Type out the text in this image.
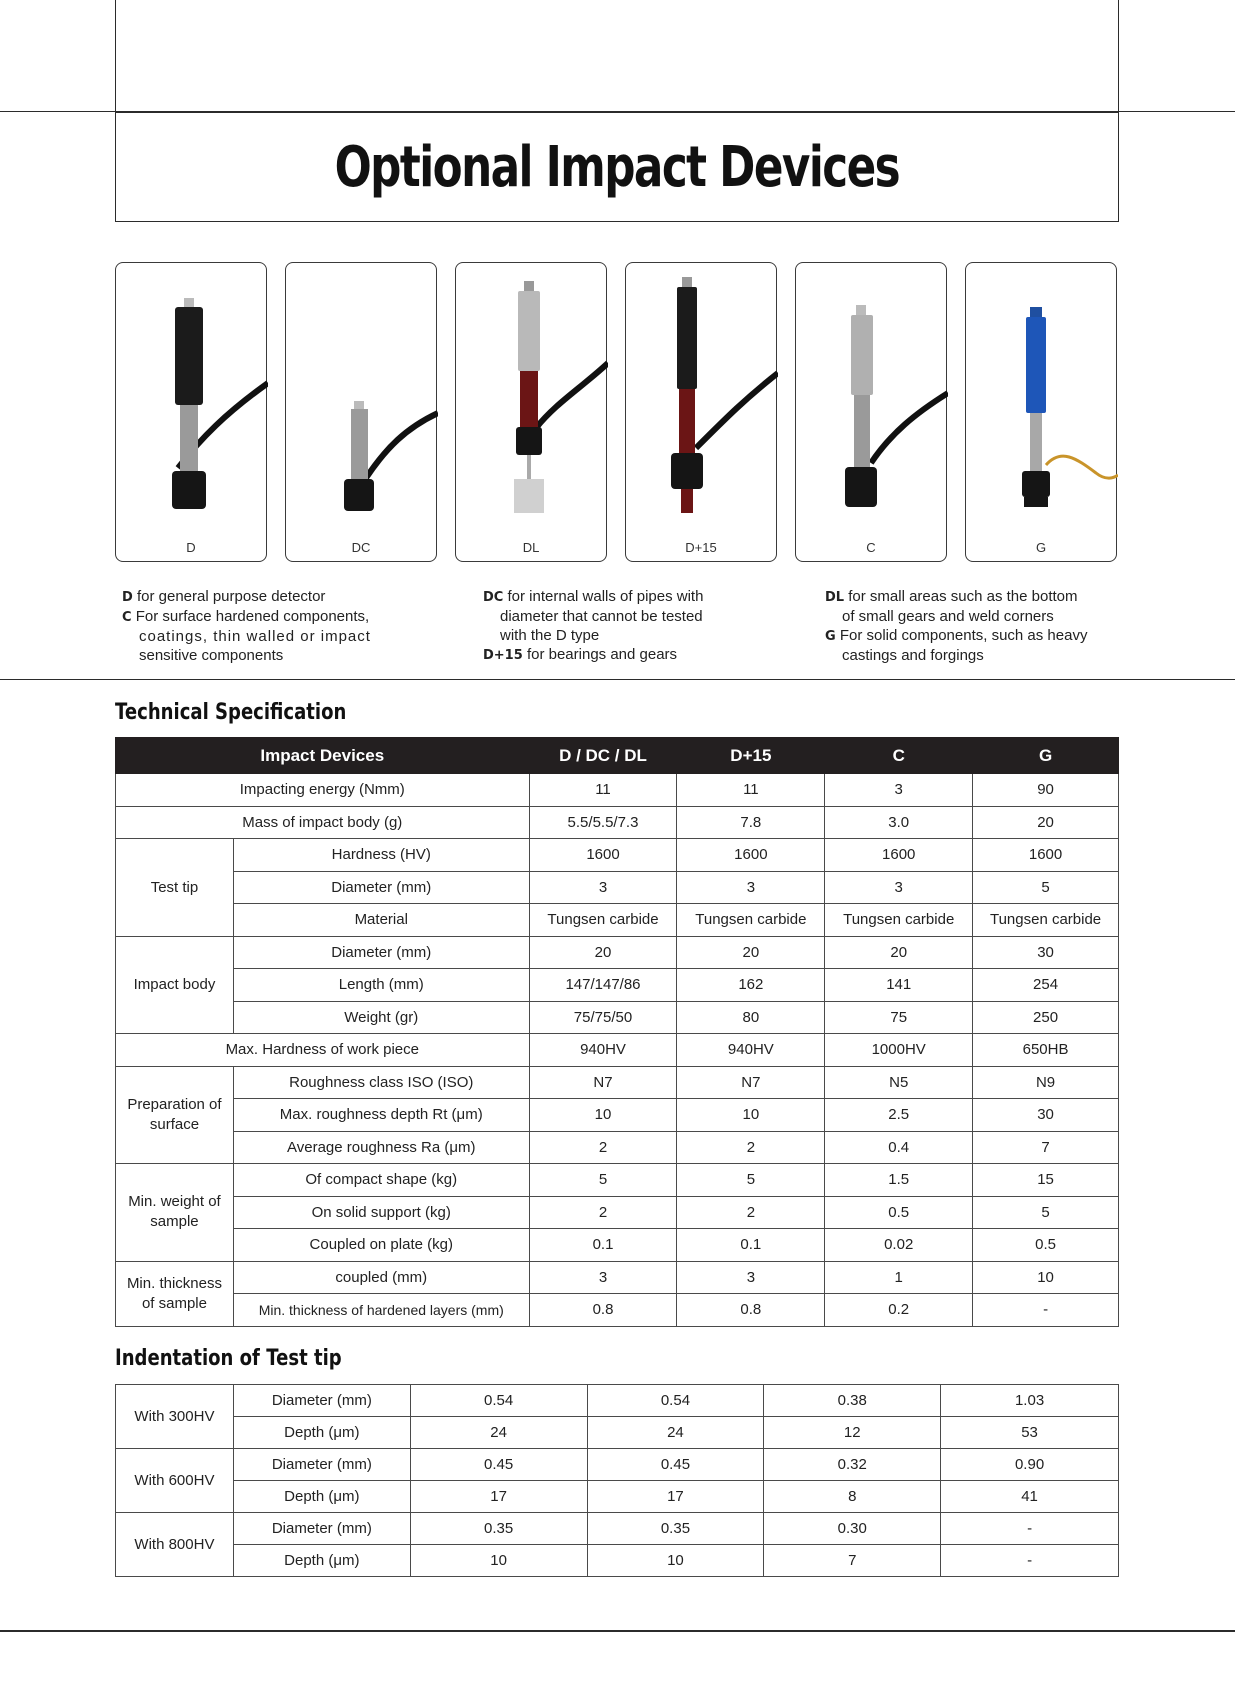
Optional Impact Devices
D	DC	DL	D+15	C	G

D for general purpose detector

C For surface hardened components,

coatings, thin walled or impact

sensitive components

DC for internal walls of pipes with

diameter that cannot be tested

with the D type

D+15 for bearings and gears

DL for small areas such as the bottom

of small gears and weld corners

G For solid components, such as heavy

castings and forgings

Technical Specification
Impact Devices		D / DC / DL	D+15	C	G
Impacting energy (Nmm)		11	11	3	90
Mass of impact body (g)		5.5/5.5/7.3	7.8	3.0	20
Test tip	Hardness (HV)	1600	1600	1600	1600
	Diameter (mm)	3	3	3	5
	Material	Tungsen carbide	Tungsen carbide	Tungsen carbide	Tungsen carbide
Impact body	Diameter (mm)	20	20	20	30
	Length (mm)	147/147/86	162	141	254
	Weight (gr)	75/75/50	80	75	250
Max. Hardness of work piece		940HV	940HV	1000HV	650HB
Preparation of surface	Roughness class ISO (ISO)	N7	N7	N5	N9
	Max. roughness depth Rt (μm)	10	10	2.5	30
	Average roughness Ra (μm)	2	2	0.4	7
Min. weight of sample	Of compact shape (kg)	5	5	1.5	15
	On solid support (kg)	2	2	0.5	5
	Coupled on plate (kg)	0.1	0.1	0.02	0.5
Min. thickness of sample	coupled (mm)	3	3	1	10
	Min. thickness of hardened layers (mm)	0.8	0.8	0.2	-
Indentation of Test tip
With 300HV	Diameter (mm)	0.54	0.54	0.38	1.03
	Depth (μm)	24	24	12	53
With 600HV	Diameter (mm)	0.45	0.45	0.32	0.90
	Depth (μm)	17	17	8	41
With 800HV	Diameter (mm)	0.35	0.35	0.30	-
	Depth (μm)	10	10	7	-
